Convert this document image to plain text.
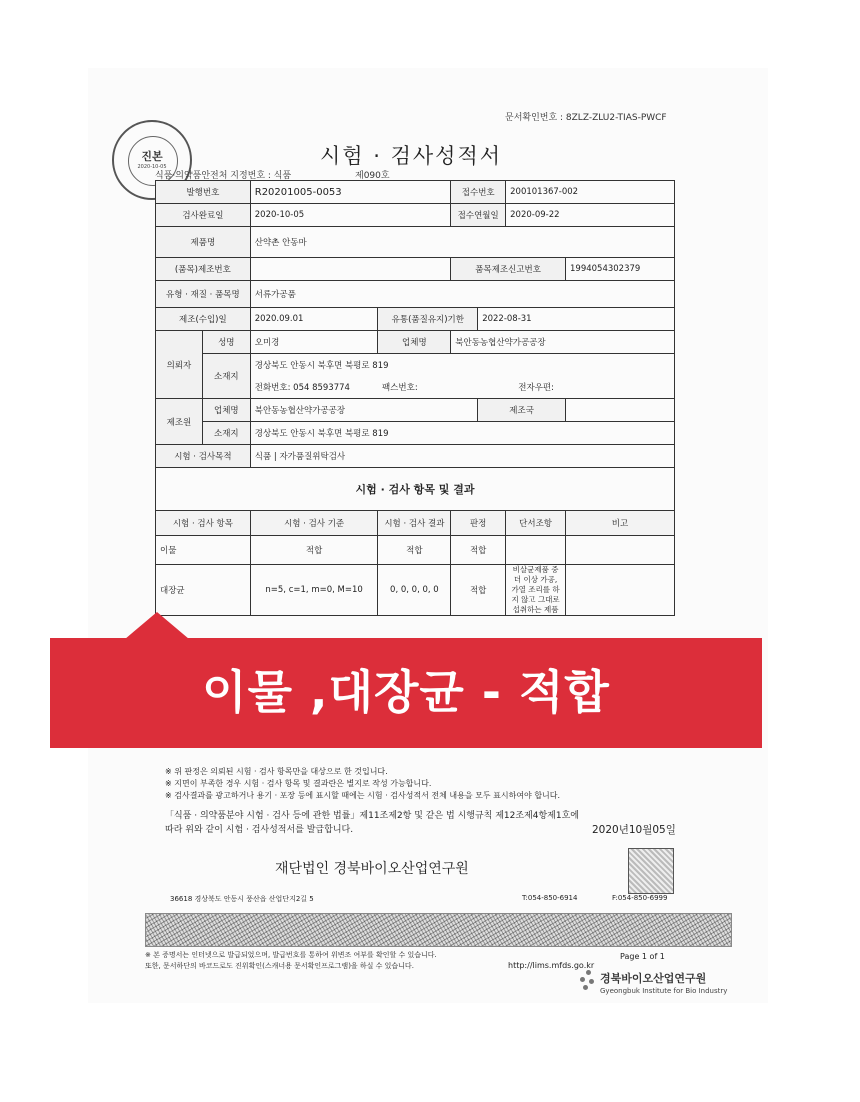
문서확인번호 : 8ZLZ-ZLU2-TIAS-PWCF
진본
2020-10-05	시험 · 검사성적서
식품·의약품안전처 지정번호 : 식품	제090호
발행번호		R20201005-0053		접수번호		200101367-002	
검사완료일		2020-10-05		접수연월일		2020-09-22	
제품명		산약촌 안동마					
(품목)제조번호				품목제조신고번호			1994054302379
유형 · 재질 · 품목명		서류가공품					
제조(수입)일		2020.09.01	유통(품질유지)기한		2022-08-31		
의뢰자	성명	오미경	업체명	북안동농협산약가공공장			
	소재지	경상북도 안동시 북후면 북평로 819					
		전화번호: 054 8593774	팩스번호:		전자우편:		
제조원	업체명	북안동농협산약가공공장			제조국		
	소재지	경상북도 안동시 북후면 북평로 819					
시험 · 검사목적		식품 | 자가품질위탁검사					
시험 · 검사 항목 및 결과							
시험 · 검사 항목		시험 · 검사 기준	시험 · 검사 결과	판정		단서조항	비고
이물		적합	적합	적합			
대장균		n=5, c=1, m=0, M=10	0, 0, 0, 0, 0	적합		비살균제품 중 더 이상 가공, 가열 조리를 하지 않고 그대로 섭취하는 제품	
이물 ,대장균 - 적합
※ 위 판정은 의뢰된 시험 · 검사 항목만을 대상으로 한 것입니다.
※ 지면이 부족한 경우 시험 · 검사 항목 및 결과란은 별지로 작성 가능합니다.
※ 검사결과를 광고하거나 용기 · 포장 등에 표시할 때에는 시험 · 검사성적서 전체 내용을 모두 표시하여야 합니다.
「식품 · 의약품분야 시험 · 검사 등에 관한 법률」제11조제2항 및 같은 법 시행규칙 제12조제4항제1호에
따라 위와 같이 시험 · 검사성적서를 발급합니다.	2020년10월05일
재단법인 경북바이오산업연구원
36618 경상북도 안동시 풍산읍 산업단지2길 5	T:054-850-6914	F:054-850-6999
※ 본 증명서는 인터넷으로 발급되었으며, 발급번호를 통하여 위변조 여부를 확인할 수 있습니다.
또한, 문서하단의 바코드로도 진위확인(스캐너용 문서확인프로그램)을 하실 수 있습니다.	http://lims.mfds.go.kr
Page 1 of 1
경북바이오산업연구원
Gyeongbuk Institute for Bio Industry
